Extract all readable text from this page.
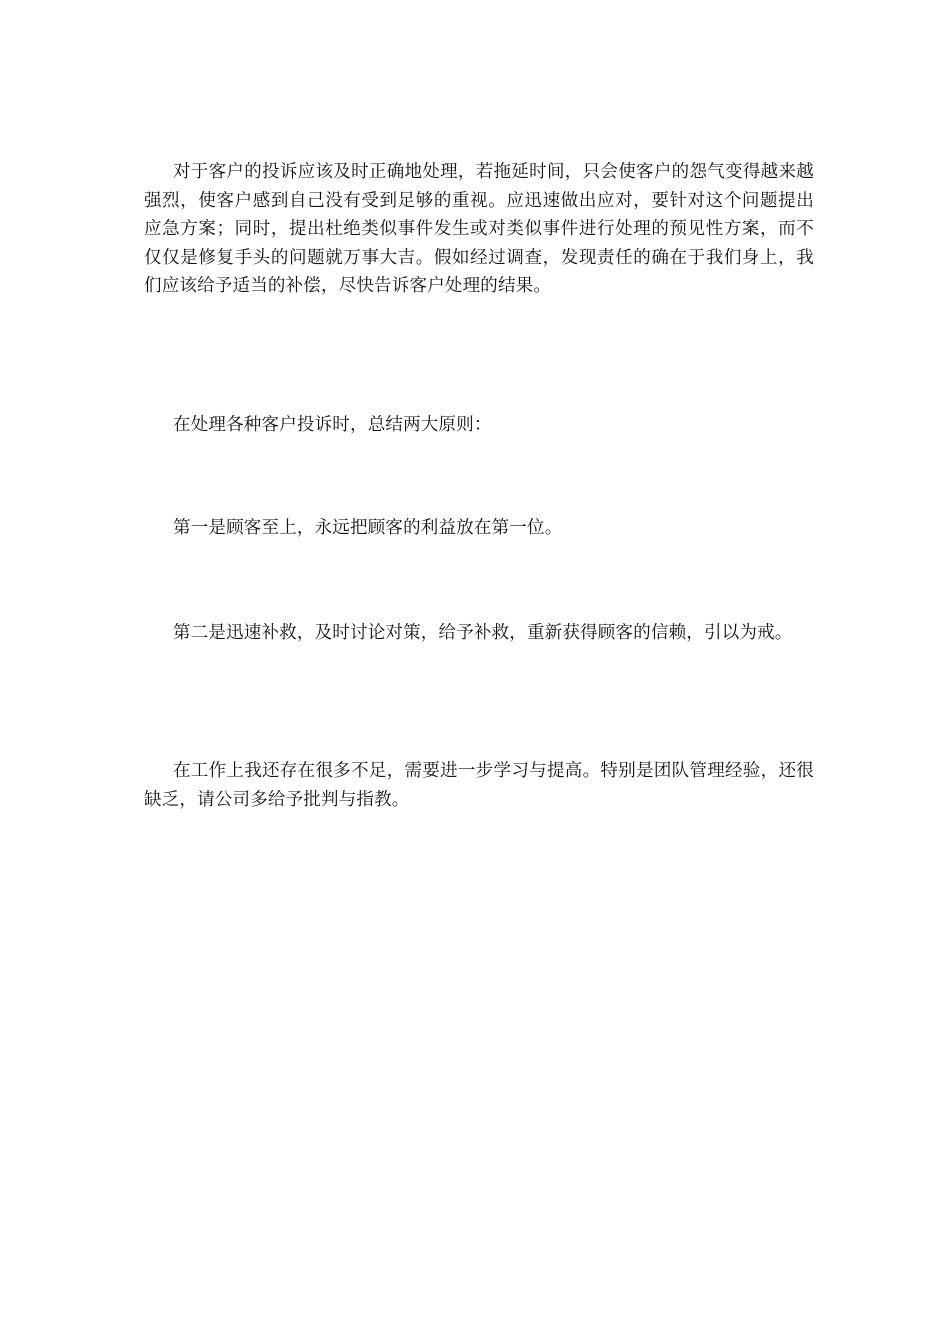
对于客户的投诉应该及时正确地处理，若拖延时间，只会使客户的怨气变得越来越强烈，使客户感到自己没有受到足够的重视。应迅速做出应对，要针对这个问题提出应急方案；同时，提出杜绝类似事件发生或对类似事件进行处理的预见性方案，而不仅仅是修复手头的问题就万事大吉。假如经过调查，发现责任的确在于我们身上，我们应该给予适当的补偿，尽快告诉客户处理的结果。

在处理各种客户投诉时，总结两大原则：

第一是顾客至上，永远把顾客的利益放在第一位。

第二是迅速补救，及时讨论对策，给予补救，重新获得顾客的信赖，引以为戒。

在工作上我还存在很多不足，需要进一步学习与提高。特别是团队管理经验，还很缺乏，请公司多给予批判与指教。
